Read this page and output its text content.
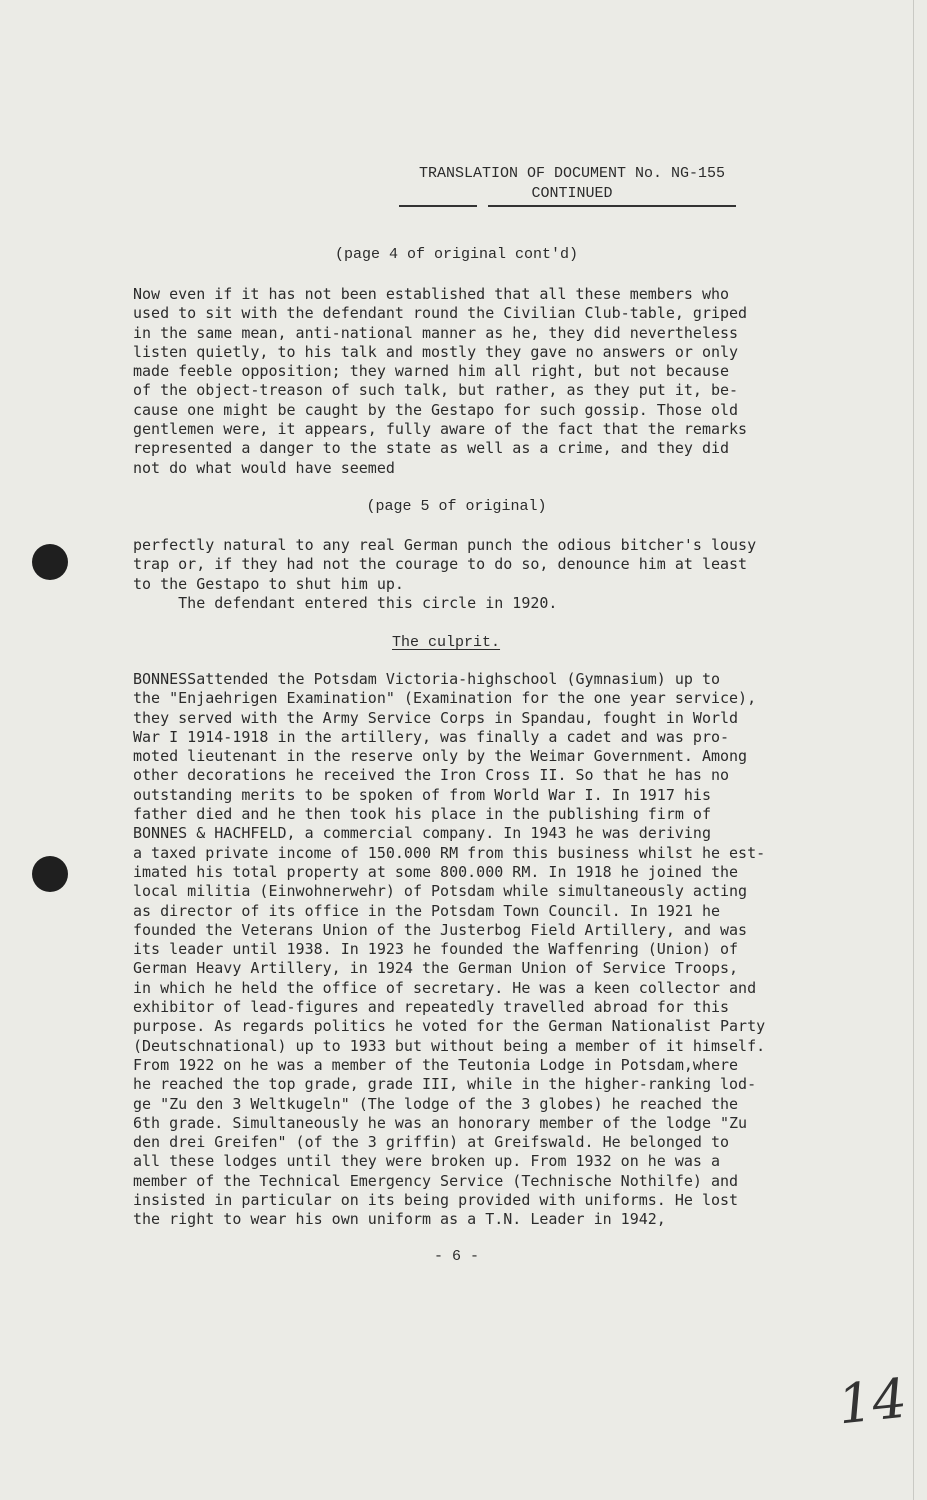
TRANSLATION OF DOCUMENT No. NG-155
CONTINUED
(page 4 of original cont'd)
Now even if it has not been established that all these members who
used to sit with the defendant round the Civilian Club-table, griped
in the same mean, anti-national manner as he, they did nevertheless
listen quietly, to his talk and mostly they gave no answers or only
made feeble opposition; they warned him all right, but not because
of the object-treason of such talk, but rather, as they put it, be-
cause one might be caught by the Gestapo for such gossip. Those old
gentlemen were, it appears, fully aware of the fact that the remarks
represented a danger to the state as well as a crime, and they did
not do what would have seemed
(page 5 of original)
perfectly natural to any real German punch the odious bitcher's lousy
trap or, if they had not the courage to do so, denounce him at least
to the Gestapo to shut him up.
The defendant entered this circle in 1920.
The culprit.
BONNESSattended the Potsdam Victoria-highschool (Gymnasium) up to
the "Enjaehrigen Examination" (Examination for the one year service),
they served with the Army Service Corps in Spandau, fought in World
War I 1914-1918 in the artillery, was finally a cadet and was pro-
moted lieutenant in the reserve only by the Weimar Government. Among
other decorations he received the Iron Cross II. So that he has no
outstanding merits to be spoken of from World War I. In 1917 his
father died and he then took his place in the publishing firm of
BONNES & HACHFELD, a commercial company. In 1943 he was deriving
a taxed private income of 150.000 RM from this business whilst he est-
imated his total property at some 800.000 RM. In 1918 he joined the
local militia (Einwohnerwehr) of Potsdam while simultaneously acting
as director of its office in the Potsdam Town Council. In 1921 he
founded the Veterans Union of the Justerbog Field Artillery, and was
its leader until 1938. In 1923 he founded the Waffenring (Union) of
German Heavy Artillery, in 1924 the German Union of Service Troops,
in which he held the office of secretary. He was a keen collector and
exhibitor of lead-figures and repeatedly travelled abroad for this
purpose. As regards politics he voted for the German Nationalist Party
(Deutschnational) up to 1933 but without being a member of it himself.
From 1922 on he was a member of the Teutonia Lodge in Potsdam,where
he reached the top grade, grade III, while in the higher-ranking lod-
ge "Zu den 3 Weltkugeln" (The lodge of the 3 globes) he reached the
6th grade. Simultaneously he was an honorary member of the lodge "Zu
den drei Greifen" (of the 3 griffin) at Greifswald. He belonged to
all these lodges until they were broken up. From 1932 on he was a
member of the Technical Emergency Service (Technische Nothilfe) and
insisted in particular on its being provided with uniforms. He lost
the right to wear his own uniform as a T.N. Leader in 1942,
- 6 -
14
